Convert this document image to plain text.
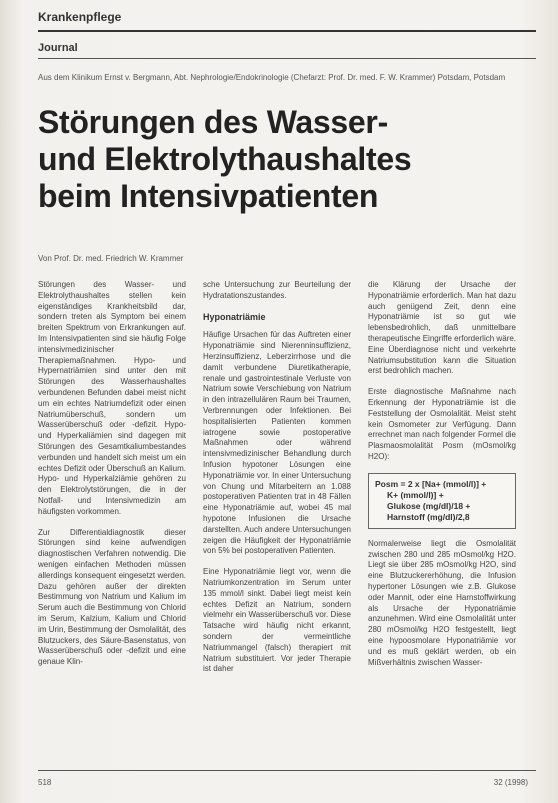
Krankenpflege
Journal
Aus dem Klinikum Ernst v. Bergmann, Abt. Nephrologie/Endokrinologie (Chefarzt: Prof. Dr. med. F. W. Krammer) Potsdam, Potsdam
Störungen des Wasser-
und Elektrolythaushaltes
beim Intensivpatienten
Von Prof. Dr. med. Friedrich W. Krammer

Störungen des Wasser- und Elektrolythaushaltes stellen kein eigenständiges Krankheitsbild dar, sondern treten als Symptom bei einem breiten Spektrum von Erkrankungen auf. Im Intensivpatienten sind sie häufig Folge intensivmedizinischer Therapiemaßnahmen. Hypo- und Hypernatriämien sind unter den mit Störungen des Wasserhaushaltes verbundenen Befunden dabei meist nicht um ein echtes Natriumdefizit oder einen Natriumüberschuß, sondern um Wasserüberschuß oder -defizit. Hypo- und Hyperkaliämien sind dagegen mit Störungen des Gesamtkaliumbestandes verbunden und handelt sich meist um ein echtes Defizit oder Überschuß an Kalium. Hypo- und Hyperkalziämie gehören zu den Elektrolytstörungen, die in der Notfall- und Intensivmedizin am häufigsten vorkommen.

Zur Differentialdiagnostik dieser Störungen sind keine aufwendigen diagnostischen Verfahren notwendig. Die wenigen einfachen Methoden müssen allerdings konsequent eingesetzt werden. Dazu gehören außer der direkten Bestimmung von Natrium und Kalium im Serum auch die Bestimmung von Chlorid im Serum, Kalzium, Kalium und Chlorid im Urin, Bestimmung der Osmolalität, des Blutzuckers, des Säure-Basenstatus, von Wasserüberschuß oder -defizit und eine genaue Klin-

sche Untersuchung zur Beurteilung der Hydratationszustandes.

Hyponatriämie

Häufige Ursachen für das Auftreten einer Hyponatriämie sind Nierenninsuffizienz, Herzinsuffizienz, Leberzirrhose und die damit verbundene Diuretikatherapie, renale und gastrointestinale Verluste von Natrium sowie Verschiebung von Natrium in den intrazellulären Raum bei Traumen, Verbrennungen oder Infektionen. Bei hospitalisierten Patienten kommen iatrogene sowie postoperative Maßnahmen oder während intensivmedizinischer Behandlung durch Infusion hypotoner Lösungen eine Hyponatriämie vor. In einer Untersuchung von Chung und Mitarbeitern an 1.088 postoperativen Patienten trat in 48 Fällen eine Hyponatriämie auf, wobei 45 mal hypotone Infusionen die Ursache darstellten. Auch andere Untersuchungen zeigen die Häufigkeit der Hyponatriämie von 5% bei postoperativen Patienten.

Eine Hyponatriämie liegt vor, wenn die Natriumkonzentration im Serum unter 135 mmol/l sinkt. Dabei liegt meist kein echtes Defizit an Natrium, sondern vielmehr ein Wasserüberschuß vor. Diese Tatsache wird häufig nicht erkannt, sondern der vermeintliche Natriummangel (falsch) therapiert mit Natrium substituiert. Vor jeder Therapie ist daher

die Klärung der Ursache der Hyponatriämie erforderlich. Man hat dazu auch genügend Zeit, denn eine Hyponatriämie ist so gut wie lebensbedrohlich, daß unmittelbare therapeutische Eingriffe erforderlich wäre. Eine Überdiagnose nicht und verkehrte Natriumsubstitution kann die Situation erst bedrohlich machen.

Erste diagnostische Maßnahme nach Erkennung der Hyponatriämie ist die Feststellung der Osmolalität. Meist steht kein Osmometer zur Verfügung. Dann errechnet man nach folgender Formel die Plasmaosmolalität Posm (mOsmol/kg H2O):

Posm = 2 x [Na+ (mmol/l)] +
K+ (mmol/l)] +
Glukose (mg/dl)/18 +
Harnstoff (mg/dl)/2,8

Normalerweise liegt die Osmolalität zwischen 280 und 285 mOsmol/kg H2O. Liegt sie über 285 mOsmol/kg H2O, sind eine Blutzuckererhöhung, die Infusion hypertoner Lösungen wie z.B. Glukose oder Mannit, oder eine Harnstoffwirkung als Ursache der Hyponatriämie anzunehmen. Wird eine Osmolalität unter 280 mOsmol/kg H2O festgestellt, liegt eine hypoosmolare Hyponatriämie vor und es muß geklärt werden, ob ein Mißverhältnis zwischen Wasser-

518	32 (1998)
